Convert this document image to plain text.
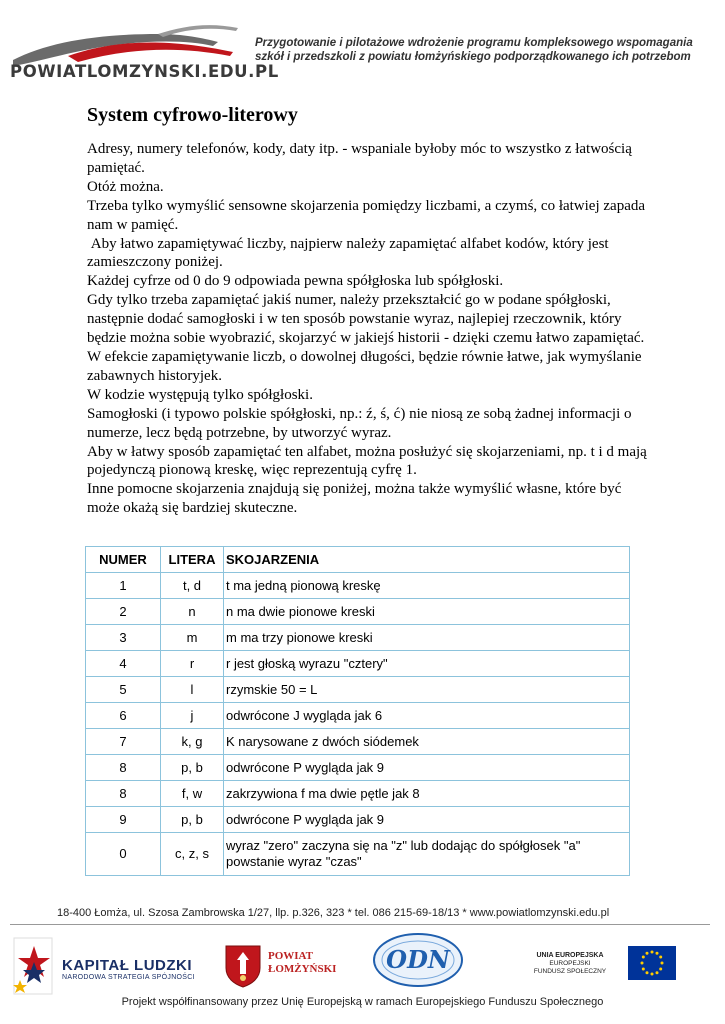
POWIATLOMZYNSKI.EDU.PL
Przygotowanie i pilotażowe wdrożenie programu kompleksowego wspomagania
szkół i przedszkoli z powiatu łomżyńskiego podporządkowanego ich potrzebom
System cyfrowo-literowy

Adresy, numery telefonów, kody, daty itp. - wspaniale byłoby móc to wszystko z łatwością pamiętać.

Otóż można.

Trzeba tylko wymyślić sensowne skojarzenia pomiędzy liczbami, a czymś, co łatwiej zapada nam w pamięć.

Aby łatwo zapamiętywać liczby, najpierw należy zapamiętać alfabet kodów, który jest zamieszczony poniżej.

Każdej cyfrze od 0 do 9 odpowiada pewna spółgłoska lub spółgłoski.

Gdy tylko trzeba zapamiętać jakiś numer, należy przekształcić go w podane spółgłoski, następnie dodać samogłoski i w ten sposób powstanie wyraz, najlepiej rzeczownik, który będzie można sobie wyobrazić, skojarzyć w jakiejś historii - dzięki czemu łatwo zapamiętać.

W efekcie zapamiętywanie liczb, o dowolnej długości, będzie równie łatwe, jak wymyślanie zabawnych historyjek.

W kodzie występują tylko spółgłoski.

Samogłoski (i typowo polskie spółgłoski, np.: ź, ś, ć) nie niosą ze sobą żadnej informacji o numerze, lecz będą potrzebne, by utworzyć wyraz.

Aby w łatwy sposób zapamiętać ten alfabet, można posłużyć się skojarzeniami, np. t i d mają pojedynczą pionową kreskę, więc reprezentują cyfrę 1.

Inne pomocne skojarzenia znajdują się poniżej, można także wymyślić własne, które być może okażą się bardziej skuteczne.

NUMER	LITERA	SKOJARZENIA
1	t, d	t ma jedną pionową kreskę
2	n	n ma dwie pionowe kreski
3	m	m ma trzy pionowe kreski
4	r	r jest głoską wyrazu "cztery"
5	l	rzymskie 50 = L
6	j	odwrócone J wygląda jak 6
7	k, g	K narysowane z dwóch siódemek
8	p, b	odwrócone P wygląda jak 9
8	f, w	zakrzywiona f ma dwie pętle jak 8
9	p, b	odwrócone P wygląda jak 9
0	c, z, s	wyraz "zero" zaczyna się na "z" lub dodając do spółgłosek "a" powstanie wyraz "czas"
18-400 Łomża, ul. Szosa Zambrowska 1/27, llp. p.326, 323 * tel. 086 215-69-18/13 * www.powiatlomzynski.edu.pl
Projekt współfinansowany przez Unię Europejską w ramach Europejskiego Funduszu Społecznego
KAPITAŁ LUDZKI
NARODOWA STRATEGIA SPÓJNOŚCI
POWIAT
ŁOMŻYŃSKI ODN	UNIA EUROPEJSKA
EUROPEJSKI
FUNDUSZ SPOŁECZNY
